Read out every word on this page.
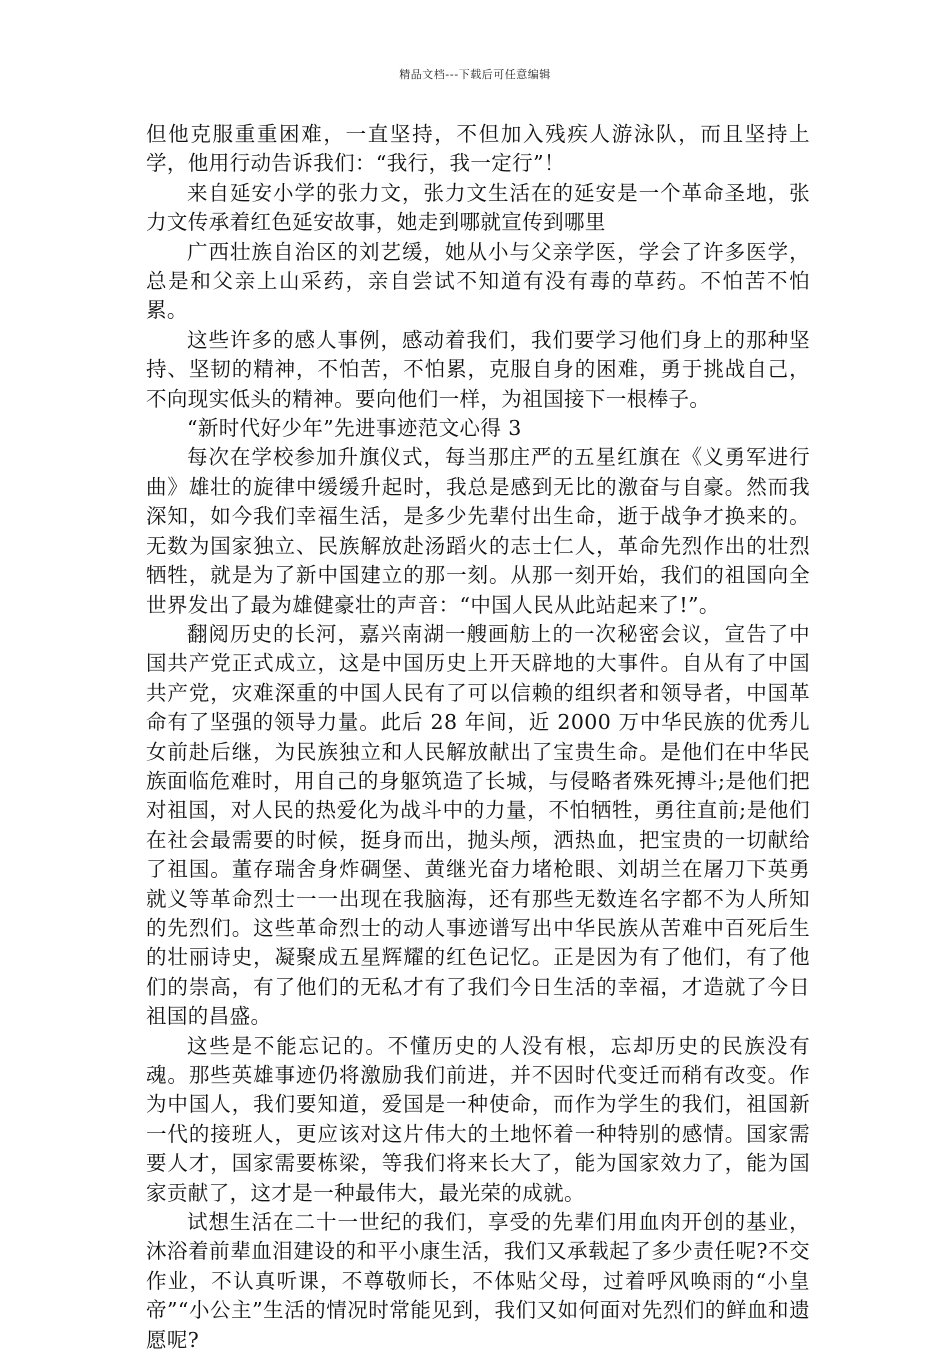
精品文档---下载后可任意编辑

但他克服重重困难，一直坚持，不但加入残疾人游泳队，而且坚持上学，他用行动告诉我们：“我行，我一定行”！

来自延安小学的张力文，张力文生活在的延安是一个革命圣地，张力文传承着红色延安故事，她走到哪就宣传到哪里

广西壮族自治区的刘艺缓，她从小与父亲学医，学会了许多医学，总是和父亲上山采药，亲自尝试不知道有没有毒的草药。不怕苦不怕累。

这些许多的感人事例，感动着我们，我们要学习他们身上的那种坚持、坚韧的精神，不怕苦，不怕累，克服自身的困难，勇于挑战自己，不向现实低头的精神。要向他们一样，为祖国接下一根棒子。

“新时代好少年”先进事迹范文心得 3

每次在学校参加升旗仪式，每当那庄严的五星红旗在《义勇军进行曲》雄壮的旋律中缓缓升起时，我总是感到无比的激奋与自豪。然而我深知，如今我们幸福生活，是多少先辈付出生命，逝于战争才换来的。无数为国家独立、民族解放赴汤蹈火的志士仁人，革命先烈作出的壮烈牺牲，就是为了新中国建立的那一刻。从那一刻开始，我们的祖国向全世界发出了最为雄健豪壮的声音：“中国人民从此站起来了!”。

翻阅历史的长河，嘉兴南湖一艘画舫上的一次秘密会议，宣告了中国共产党正式成立，这是中国历史上开天辟地的大事件。自从有了中国共产党，灾难深重的中国人民有了可以信赖的组织者和领导者，中国革命有了坚强的领导力量。此后 28 年间，近 2000 万中华民族的优秀儿女前赴后继，为民族独立和人民解放献出了宝贵生命。是他们在中华民族面临危难时，用自己的身躯筑造了长城，与侵略者殊死搏斗;是他们把对祖国，对人民的热爱化为战斗中的力量，不怕牺牲，勇往直前;是他们在社会最需要的时候，挺身而出，抛头颅，洒热血，把宝贵的一切献给了祖国。董存瑞舍身炸碉堡、黄继光奋力堵枪眼、刘胡兰在屠刀下英勇就义等革命烈士一一出现在我脑海，还有那些无数连名字都不为人所知的先烈们。这些革命烈士的动人事迹谱写出中华民族从苦难中百死后生的壮丽诗史，凝聚成五星辉耀的红色记忆。正是因为有了他们，有了他们的崇高，有了他们的无私才有了我们今日生活的幸福，才造就了今日祖国的昌盛。

这些是不能忘记的。不懂历史的人没有根，忘却历史的民族没有魂。那些英雄事迹仍将激励我们前进，并不因时代变迁而稍有改变。作为中国人，我们要知道，爱国是一种使命，而作为学生的我们，祖国新一代的接班人，更应该对这片伟大的土地怀着一种特别的感情。国家需要人才，国家需要栋梁，等我们将来长大了，能为国家效力了，能为国家贡献了，这才是一种最伟大，最光荣的成就。

试想生活在二十一世纪的我们，享受的先辈们用血肉开创的基业，沐浴着前辈血泪建设的和平小康生活，我们又承载起了多少责任呢?不交作业，不认真听课，不尊敬师长，不体贴父母，过着呼风唤雨的“小皇帝”“小公主”生活的情况时常能见到，我们又如何面对先烈们的鲜血和遗愿呢?
